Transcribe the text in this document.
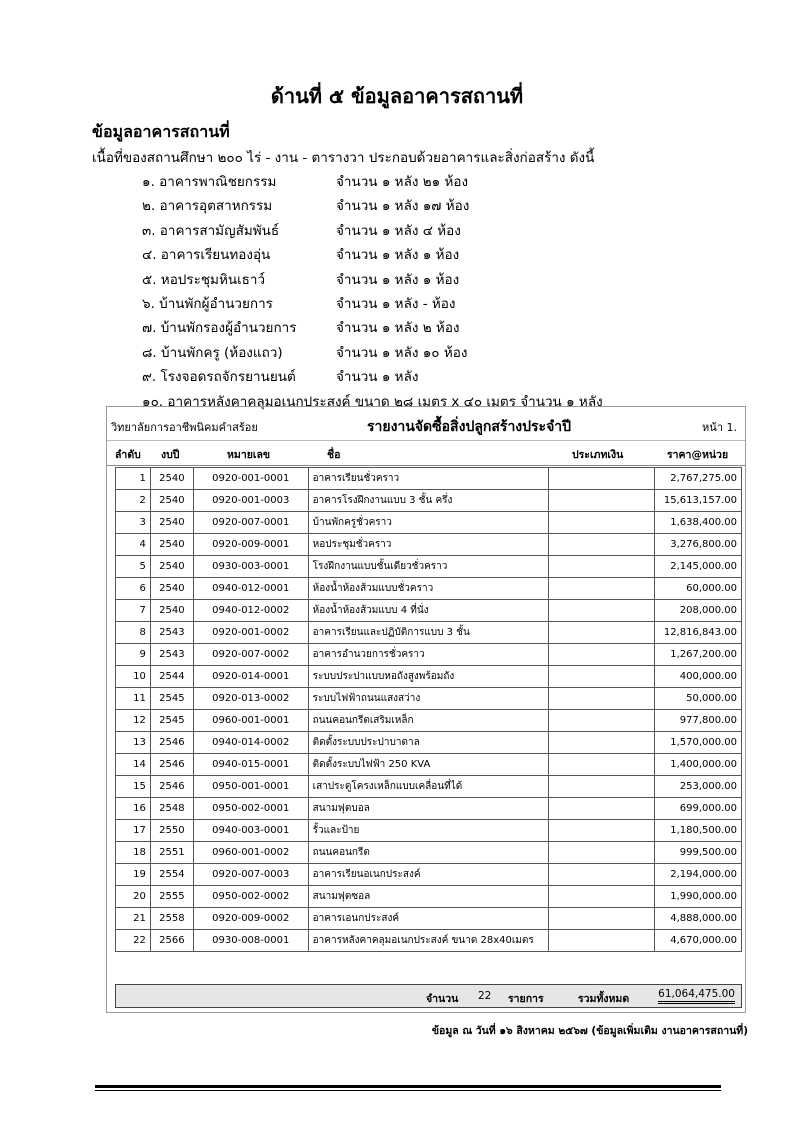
ด้านที่ ๕ ข้อมูลอาคารสถานที่
ข้อมูลอาคารสถานที่
เนื้อที่ของสถานศึกษา ๒๐๐ ไร่ - งาน - ตารางวา ประกอบด้วยอาคารและสิ่งก่อสร้าง ดังนี้
๑. อาคารพาณิชยกรรม	จำนวน ๑ หลัง ๒๑ ห้อง
๒. อาคารอุตสาหกรรม	จำนวน ๑ หลัง ๑๗ ห้อง
๓. อาคารสามัญสัมพันธ์	จำนวน ๑ หลัง ๔ ห้อง
๔. อาคารเรียนทองอุ่น	จำนวน ๑ หลัง ๑ ห้อง
๕. หอประชุมหินเธาว์	จำนวน ๑ หลัง ๑ ห้อง
๖. บ้านพักผู้อำนวยการ	จำนวน ๑ หลัง - ห้อง
๗. บ้านพักรองผู้อำนวยการ	จำนวน ๑ หลัง ๒ ห้อง
๘. บ้านพักครู (ห้องแถว)	จำนวน ๑ หลัง ๑๐ ห้อง
๙. โรงจอดรถจักรยานยนต์	จำนวน ๑ หลัง
๑๐. อาคารหลังคาคลุมอเนกประสงค์ ขนาด ๒๘ เมตร x ๔๐ เมตร จำนวน ๑ หลัง
วิทยาลัยการอาชีพนิคมคำสร้อย	รายงานจัดซื้อสิ่งปลูกสร้างประจำปี	หน้า 1.
ลำดับ งบปี	หมายเลข	ชื่อ	ประเภทเงิน	ราคา@หน่วย
1	2540	0920-001-0001	อาคารเรียนชั่วคราว		2,767,275.00
2	2540	0920-001-0003	อาคารโรงฝึกงานแบบ 3 ชั้น ครึ่ง		15,613,157.00
3	2540	0920-007-0001	บ้านพักครูชั่วคราว		1,638,400.00
4	2540	0920-009-0001	หอประชุมชั่วคราว		3,276,800.00
5	2540	0930-003-0001	โรงฝึกงานแบบชั้นเดียวชั่วคราว		2,145,000.00
6	2540	0940-012-0001	ห้องน้ำห้องส้วมแบบชั่วคราว		60,000.00
7	2540	0940-012-0002	ห้องน้ำห้องส้วมแบบ 4 ที่นั่ง		208,000.00
8	2543	0920-001-0002	อาคารเรียนและปฏิบัติการแบบ 3 ชั้น		12,816,843.00
9	2543	0920-007-0002	อาคารอำนวยการชั่วคราว		1,267,200.00
10	2544	0920-014-0001	ระบบประปาแบบหอถังสูงพร้อมถัง		400,000.00
11	2545	0920-013-0002	ระบบไฟฟ้าถนนแสงสว่าง		50,000.00
12	2545	0960-001-0001	ถนนคอนกรีตเสริมเหล็ก		977,800.00
13	2546	0940-014-0002	ติดตั้งระบบประปาบาดาล		1,570,000.00
14	2546	0940-015-0001	ติดตั้งระบบไฟฟ้า 250 KVA		1,400,000.00
15	2546	0950-001-0001	เสาประตูโครงเหล็กแบบเคลื่อนที่ได้		253,000.00
16	2548	0950-002-0001	สนามฟุตบอล		699,000.00
17	2550	0940-003-0001	รั้วและป้าย		1,180,500.00
18	2551	0960-001-0002	ถนนคอนกรีต		999,500.00
19	2554	0920-007-0003	อาคารเรียนอเนกประสงค์		2,194,000.00
20	2555	0950-002-0002	สนามฟุตซอล		1,990,000.00
21	2558	0920-009-0002	อาคารเอนกประสงค์		4,888,000.00
22	2566	0930-008-0001	อาคารหลังคาคลุมอเนกประสงค์ ขนาด 28x40เมตร		4,670,000.00
จำนวน 22 รายการ	รวมทั้งหมด	61,064,475.00
ข้อมูล ณ วันที่ ๑๖ สิงหาคม ๒๕๖๗ (ข้อมูลเพิ่มเติม งานอาคารสถานที่)
